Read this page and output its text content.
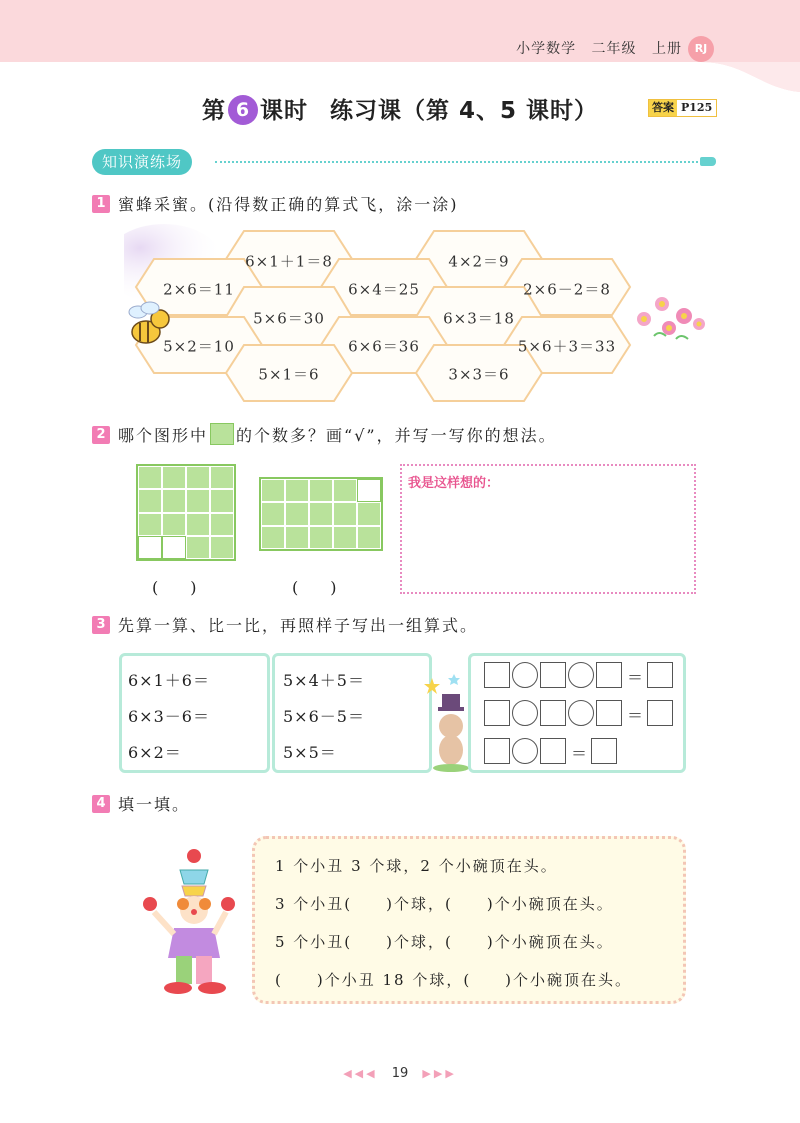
小学数学 二年级 上册	RJ
第 6 课时 练习课（第 4、5 课时）	答案 P125
知识演练场
1 蜜蜂采蜜。(沿得数正确的算式飞，涂一涂)
6×1＋1＝8	4×2＝9
2×6＝11	6×4＝25	2×6－2＝8
5×6＝30	6×3＝18
5×2＝10	6×6＝36	5×6＋3＝33
5×1＝6	3×3＝6
2 哪个图形中 的个数多？画“√”，并写一写你的想法。
(　　)	(　　)
我是这样想的：
3 先算一算、比一比，再照样子写出一组算式。
6×1＋6＝
6×3－6＝
6×2＝
5×4＋5＝
5×6－5＝
5×5＝
＝
＝
＝
4 填一填。
1 个小丑 3 个球，2 个小碗顶在头。
3 个小丑(　　)个球，(　　)个小碗顶在头。
5 个小丑(　　)个球，(　　)个小碗顶在头。
(　　)个小丑 18 个球，(　　)个小碗顶在头。
◀◀◀ 19 ▶▶▶
